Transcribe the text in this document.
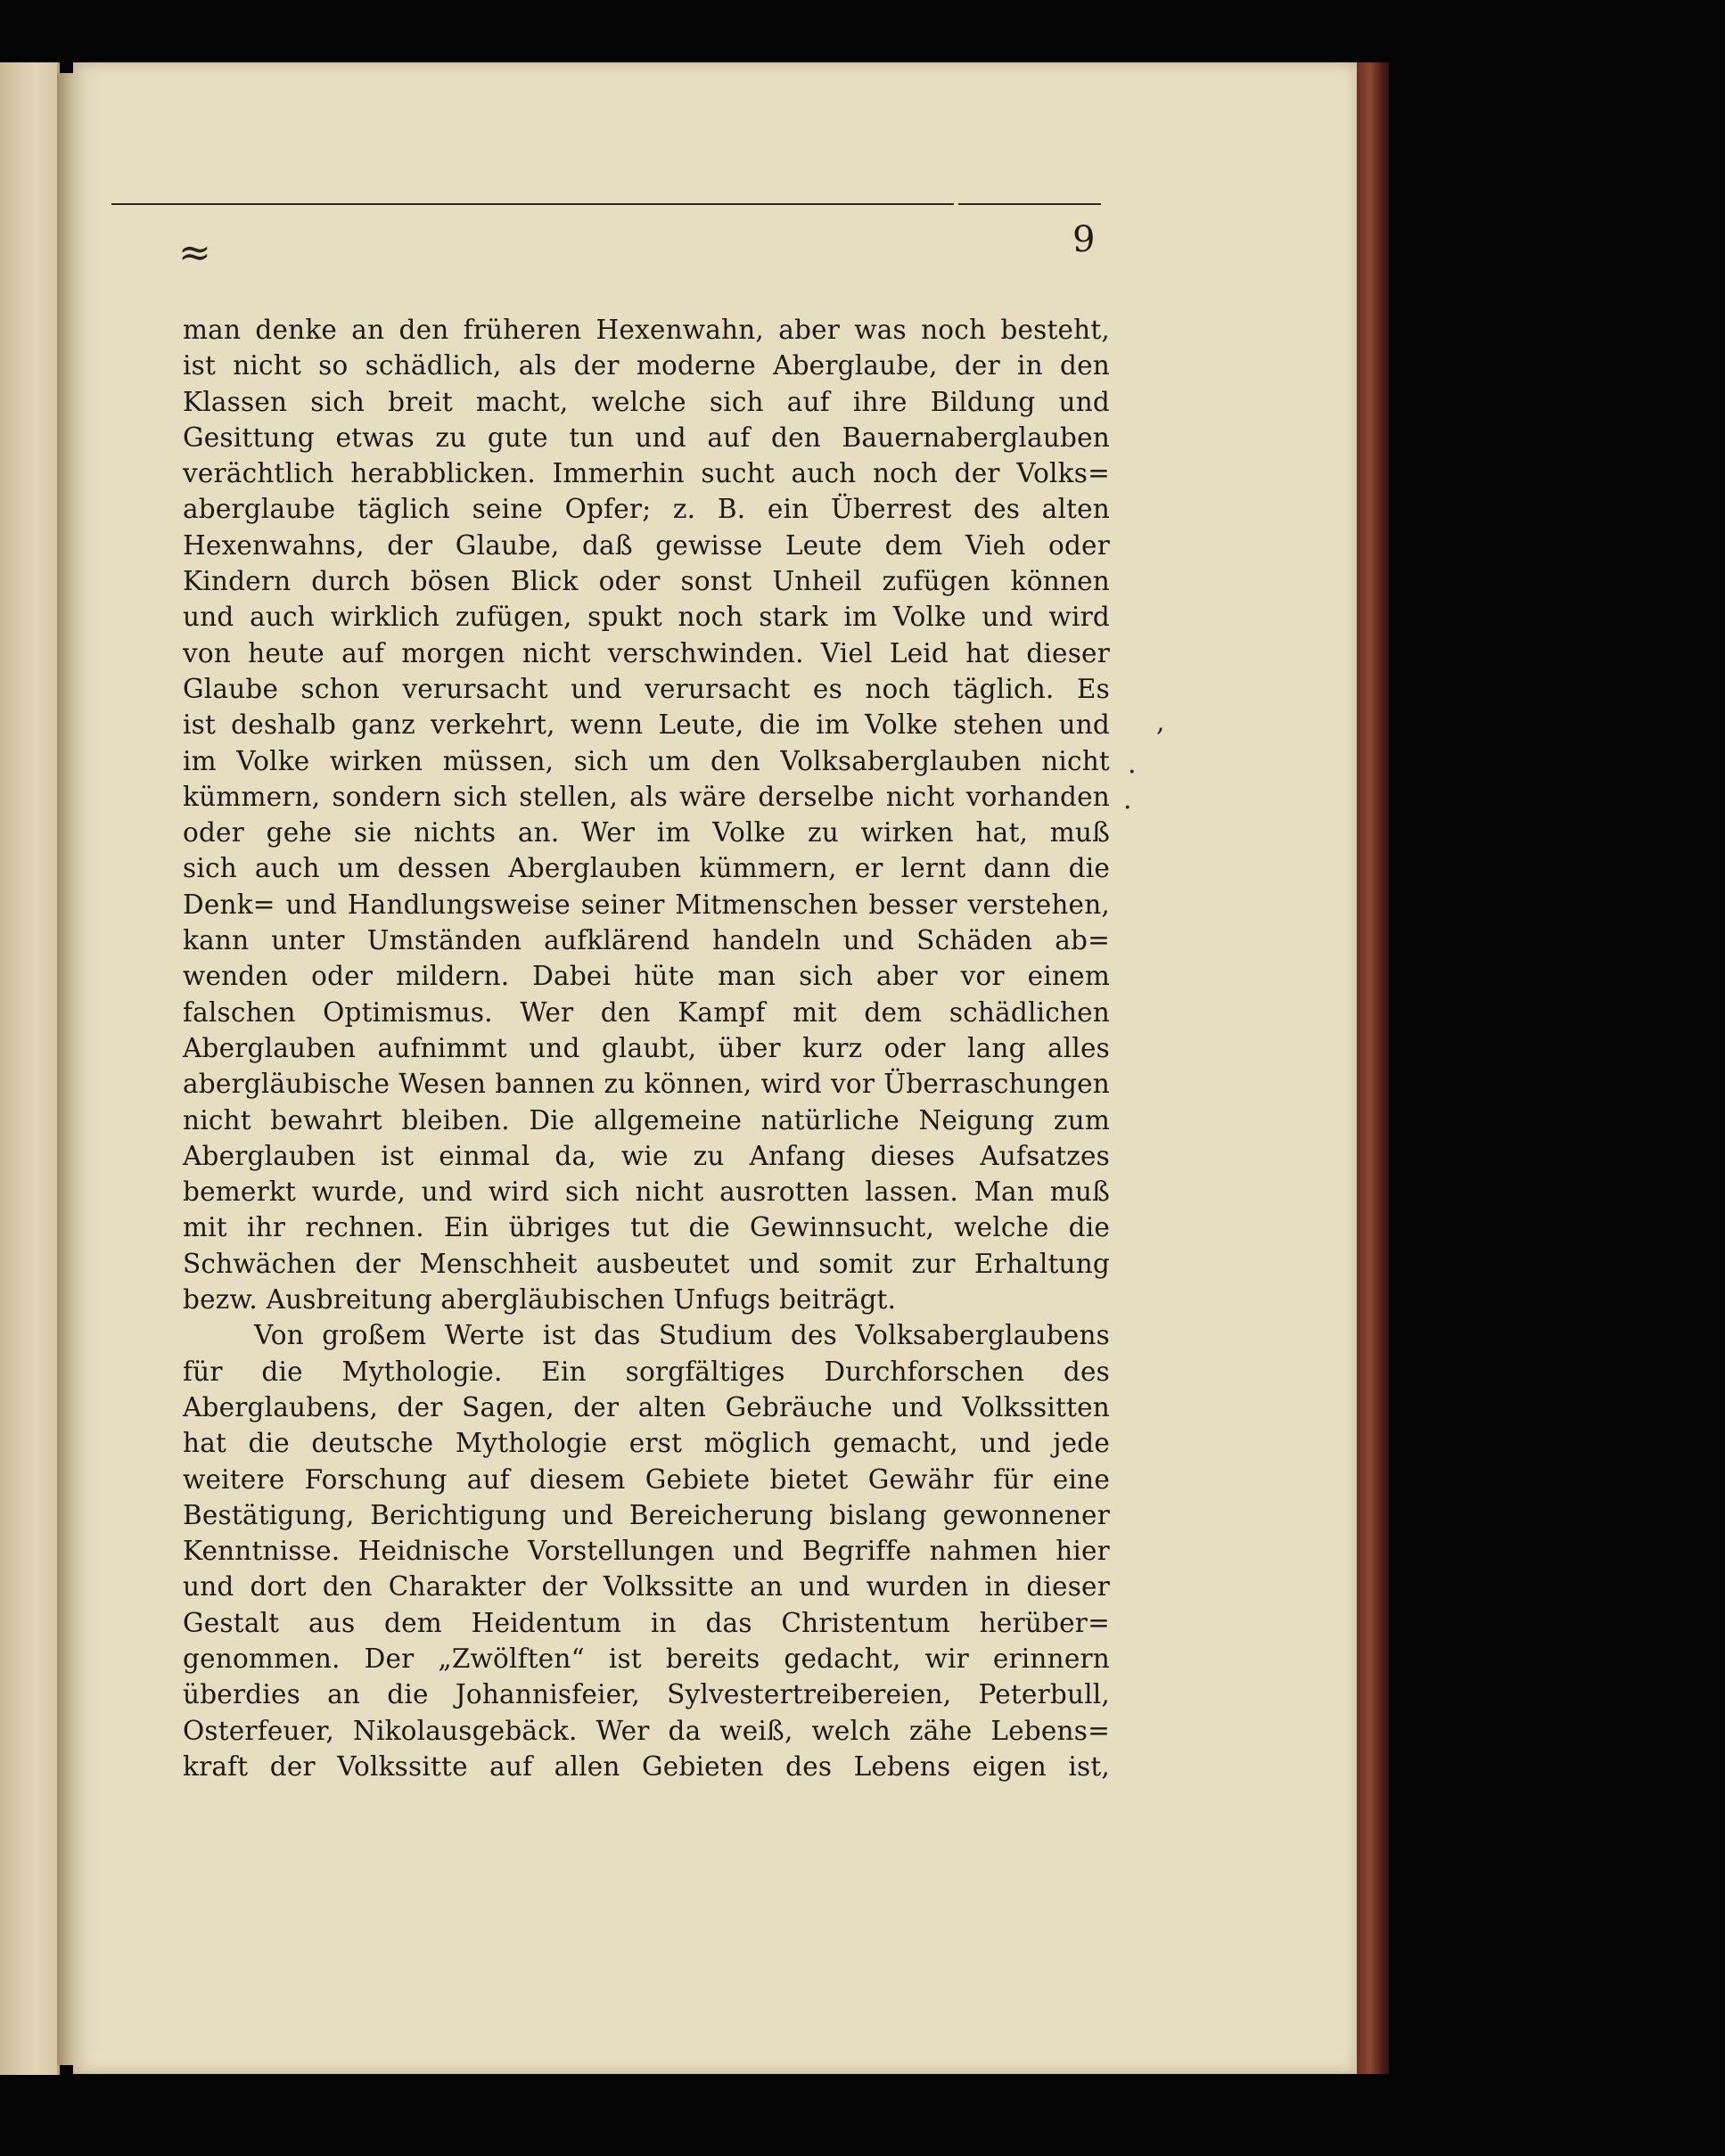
≈	9
man denke an den früheren Hexenwahn, aber was noch besteht,
ist nicht so schädlich, als der moderne Aberglaube, der in den
Klassen sich breit macht, welche sich auf ihre Bildung und
Gesittung etwas zu gute tun und auf den Bauernaberglauben
verächtlich herabblicken. Immerhin sucht auch noch der Volks=
aberglaube täglich seine Opfer; z. B. ein Überrest des alten
Hexenwahns, der Glaube, daß gewisse Leute dem Vieh oder
Kindern durch bösen Blick oder sonst Unheil zufügen können
und auch wirklich zufügen, spukt noch stark im Volke und wird
von heute auf morgen nicht verschwinden. Viel Leid hat dieser
Glaube schon verursacht und verursacht es noch täglich. Es
ist deshalb ganz verkehrt, wenn Leute, die im Volke stehen und
im Volke wirken müssen, sich um den Volksaberglauben nicht
kümmern, sondern sich stellen, als wäre derselbe nicht vorhanden
oder gehe sie nichts an. Wer im Volke zu wirken hat, muß
sich auch um dessen Aberglauben kümmern, er lernt dann die
Denk= und Handlungsweise seiner Mitmenschen besser verstehen,
kann unter Umständen aufklärend handeln und Schäden ab=
wenden oder mildern. Dabei hüte man sich aber vor einem
falschen Optimismus. Wer den Kampf mit dem schädlichen
Aberglauben aufnimmt und glaubt, über kurz oder lang alles
abergläubische Wesen bannen zu können, wird vor Überraschungen
nicht bewahrt bleiben. Die allgemeine natürliche Neigung zum
Aberglauben ist einmal da, wie zu Anfang dieses Aufsatzes
bemerkt wurde, und wird sich nicht ausrotten lassen. Man muß
mit ihr rechnen. Ein übriges tut die Gewinnsucht, welche die
Schwächen der Menschheit ausbeutet und somit zur Erhaltung
bezw. Ausbreitung abergläubischen Unfugs beiträgt.
Von großem Werte ist das Studium des Volksaberglaubens
für die Mythologie. Ein sorgfältiges Durchforschen des
Aberglaubens, der Sagen, der alten Gebräuche und Volkssitten
hat die deutsche Mythologie erst möglich gemacht, und jede
weitere Forschung auf diesem Gebiete bietet Gewähr für eine
Bestätigung, Berichtigung und Bereicherung bislang gewonnener
Kenntnisse. Heidnische Vorstellungen und Begriffe nahmen hier
und dort den Charakter der Volkssitte an und wurden in dieser
Gestalt aus dem Heidentum in das Christentum herüber=
genommen. Der „Zwölften“ ist bereits gedacht, wir erinnern
überdies an die Johannisfeier, Sylvestertreibereien, Peterbull,
Osterfeuer, Nikolausgebäck. Wer da weiß, welch zähe Lebens=
kraft der Volkssitte auf allen Gebieten des Lebens eigen ist,
,
.
.
